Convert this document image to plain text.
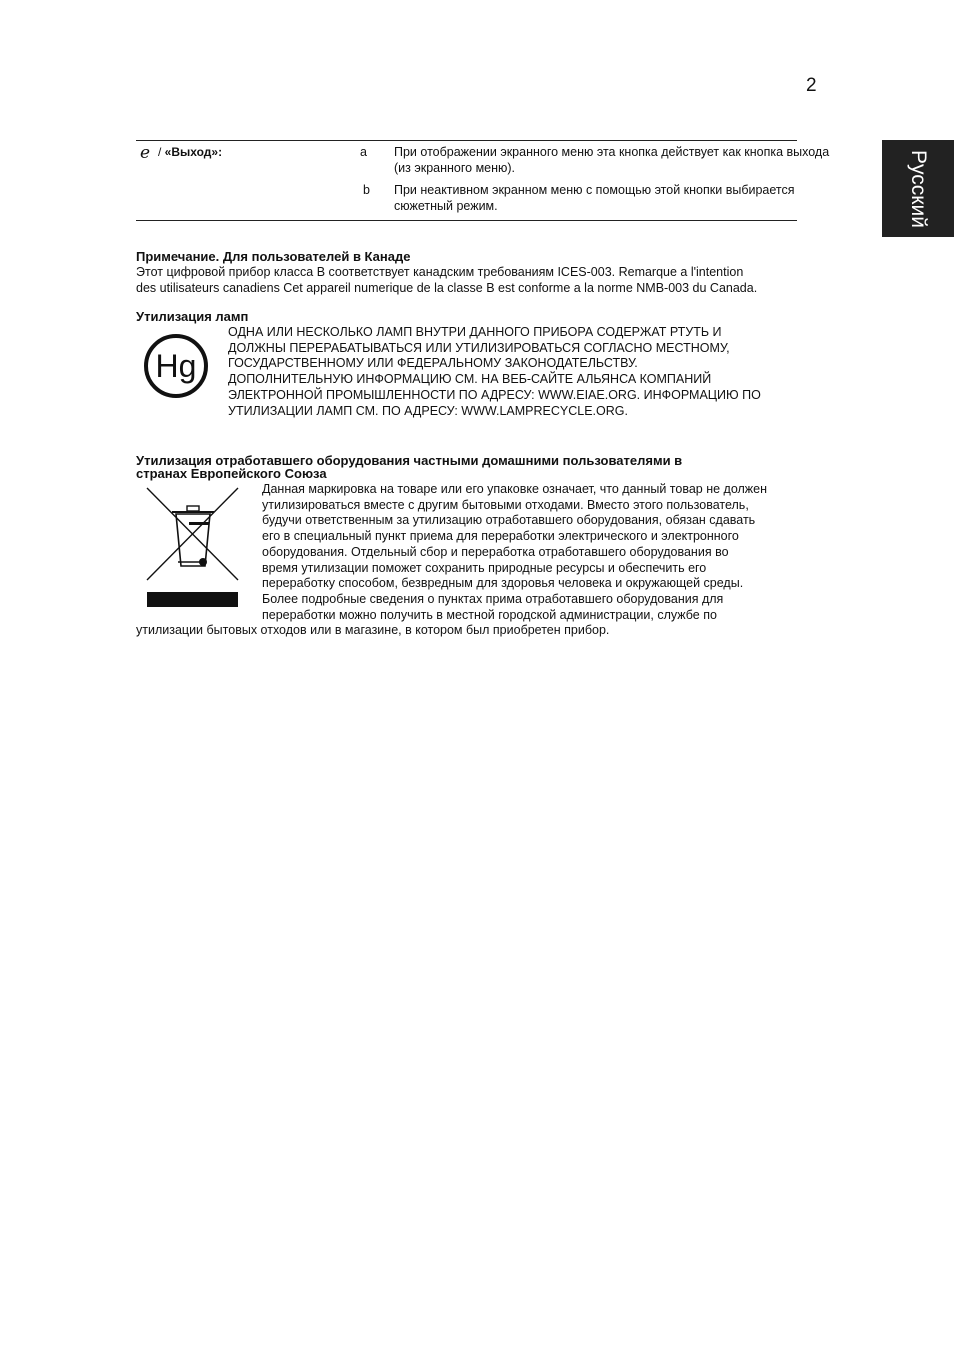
2
Русский
e / «Выход»:	a При отображении экранного меню эта кнопка действует как кнопка выхода (из экранного меню).
b При неактивном экранном меню с помощью этой кнопки выбирается сюжетный режим.
Примечание. Для пользователей в Канаде
Этот цифровой прибор класса B соответствует канадским требованиям ICES-003. Remarque a l'intention
des utilisateurs canadiens Cet appareil numerique de la classe B est conforme a la norme NMB-003 du Canada.
Утилизация ламп
Hg
ОДНА ИЛИ НЕСКОЛЬКО ЛАМП ВНУТРИ ДАННОГО ПРИБОРА СОДЕРЖАТ РТУТЬ И
ДОЛЖНЫ ПЕРЕРАБАТЫВАТЬСЯ ИЛИ УТИЛИЗИРОВАТЬСЯ СОГЛАСНО МЕСТНОМУ,
ГОСУДАРСТВЕННОМУ ИЛИ ФЕДЕРАЛЬНОМУ ЗАКОНОДАТЕЛЬСТВУ.
ДОПОЛНИТЕЛЬНУЮ ИНФОРМАЦИЮ СМ. НА ВЕБ-САЙТЕ АЛЬЯНСА КОМПАНИЙ
ЭЛЕКТРОННОЙ ПРОМЫШЛЕННОСТИ ПО АДРЕСУ: WWW.EIAE.ORG. ИНФОРМАЦИЮ ПО
УТИЛИЗАЦИИ ЛАМП СМ. ПО АДРЕСУ: WWW.LAMPRECYCLE.ORG.
Утилизация отработавшего оборудования частными домашними пользователями в
странах Европейского Союза
Данная маркировка на товаре или его упаковке означает, что данный товар не должен
утилизироваться вместе с другим бытовыми отходами. Вместо этого пользователь,
будучи ответственным за утилизацию отработавшего оборудования, обязан сдавать
его в специальный пункт приема для переработки электрического и электронного
оборудования. Отдельный сбор и переработка отработавшего оборудования во
время утилизации поможет сохранить природные ресурсы и обеспечить его
переработку способом, безвредным для здоровья человека и окружающей среды.
Более подробные сведения о пунктах прима отработавшего оборудования для
переработки можно получить в местной городской администрации, службе по
утилизации бытовых отходов или в магазине, в котором был приобретен прибор.
